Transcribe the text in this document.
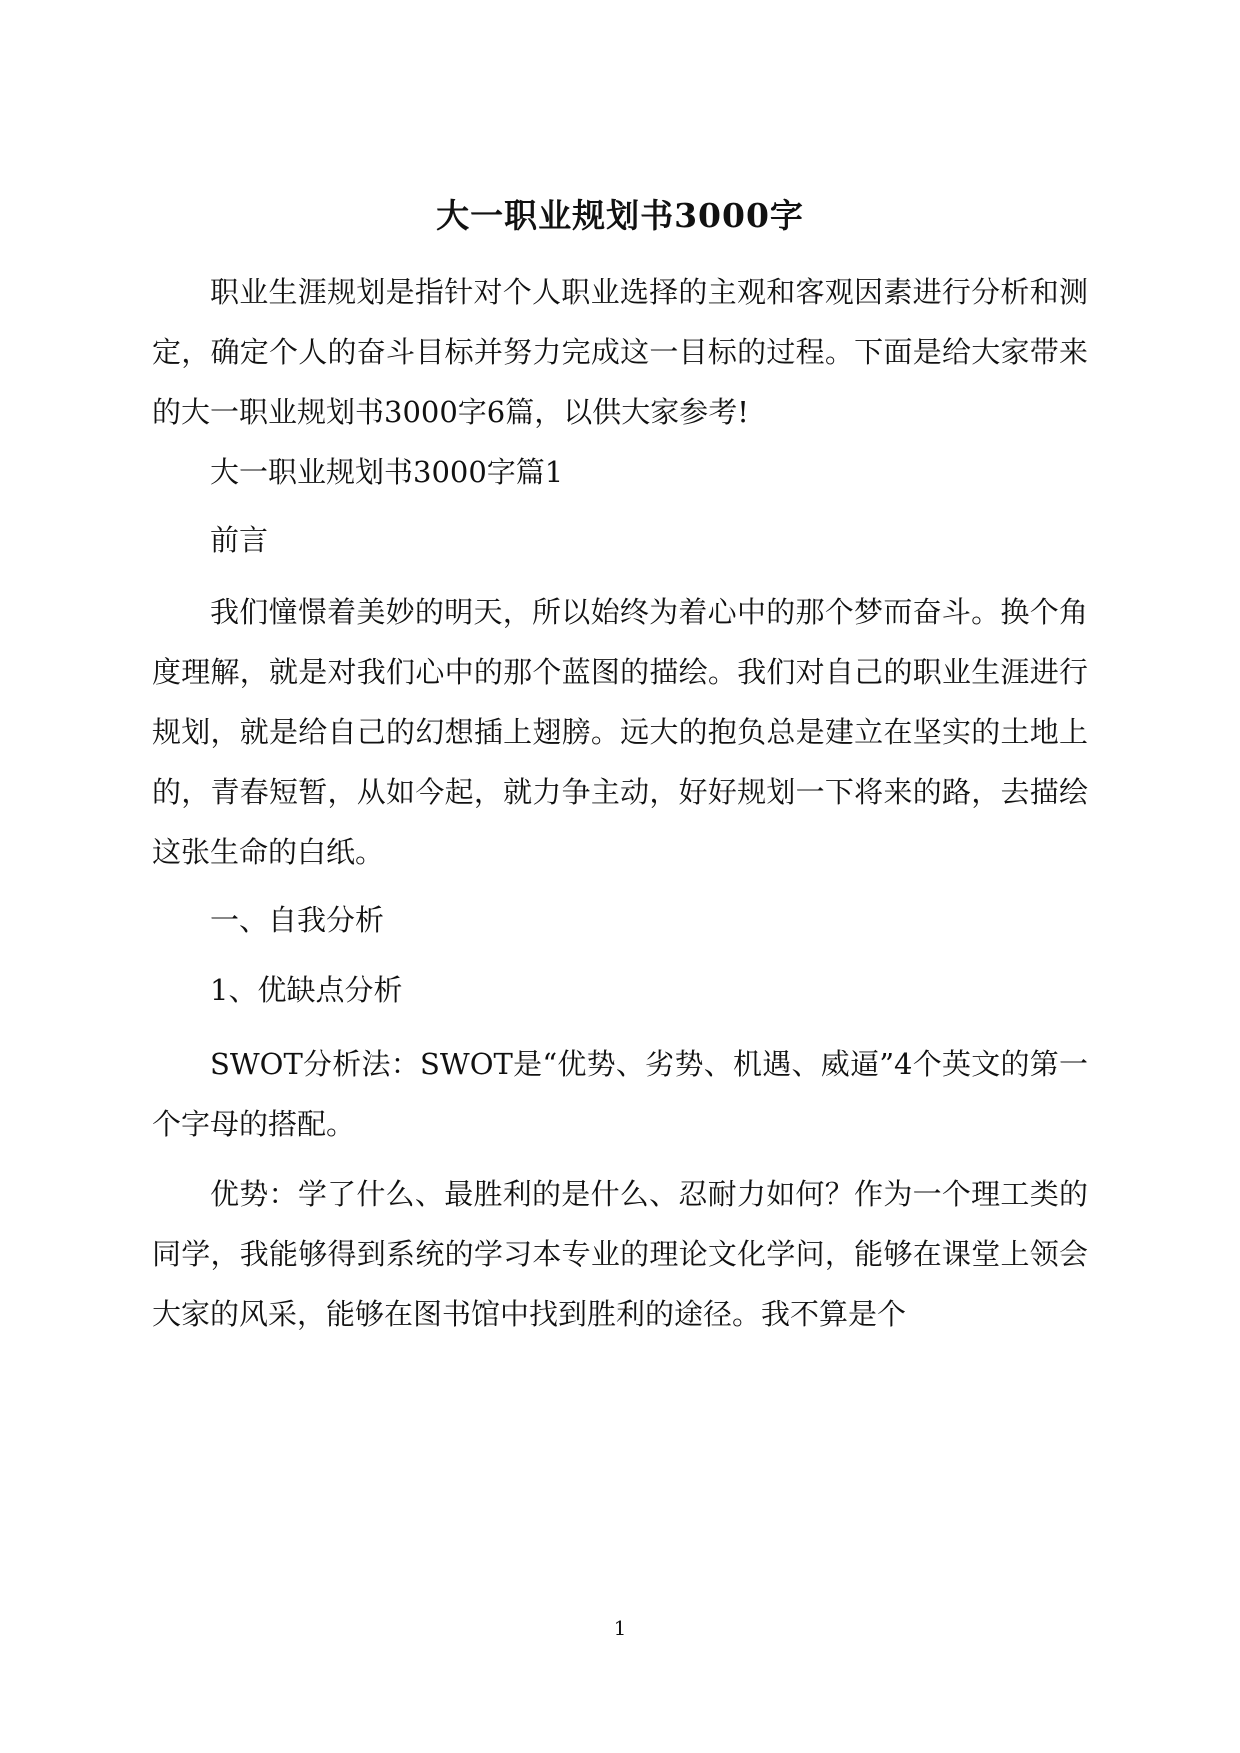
大一职业规划书3000字

职业生涯规划是指针对个人职业选择的主观和客观因素进行分析和测定，确定个人的奋斗目标并努力完成这一目标的过程。下面是给大家带来的大一职业规划书3000字6篇，以供大家参考!

大一职业规划书3000字篇1

前言

我们憧憬着美妙的明天，所以始终为着心中的那个梦而奋斗。换个角度理解，就是对我们心中的那个蓝图的描绘。我们对自己的职业生涯进行规划，就是给自己的幻想插上翅膀。远大的抱负总是建立在坚实的土地上的，青春短暂，从如今起，就力争主动，好好规划一下将来的路，去描绘这张生命的白纸。

一、自我分析

1、优缺点分析

SWOT分析法：SWOT是“优势、劣势、机遇、威逼”4个英文的第一个字母的搭配。

优势：学了什么、最胜利的是什么、忍耐力如何？作为一个理工类的同学，我能够得到系统的学习本专业的理论文化学问，能够在课堂上领会大家的风采，能够在图书馆中找到胜利的途径。我不算是个

1
